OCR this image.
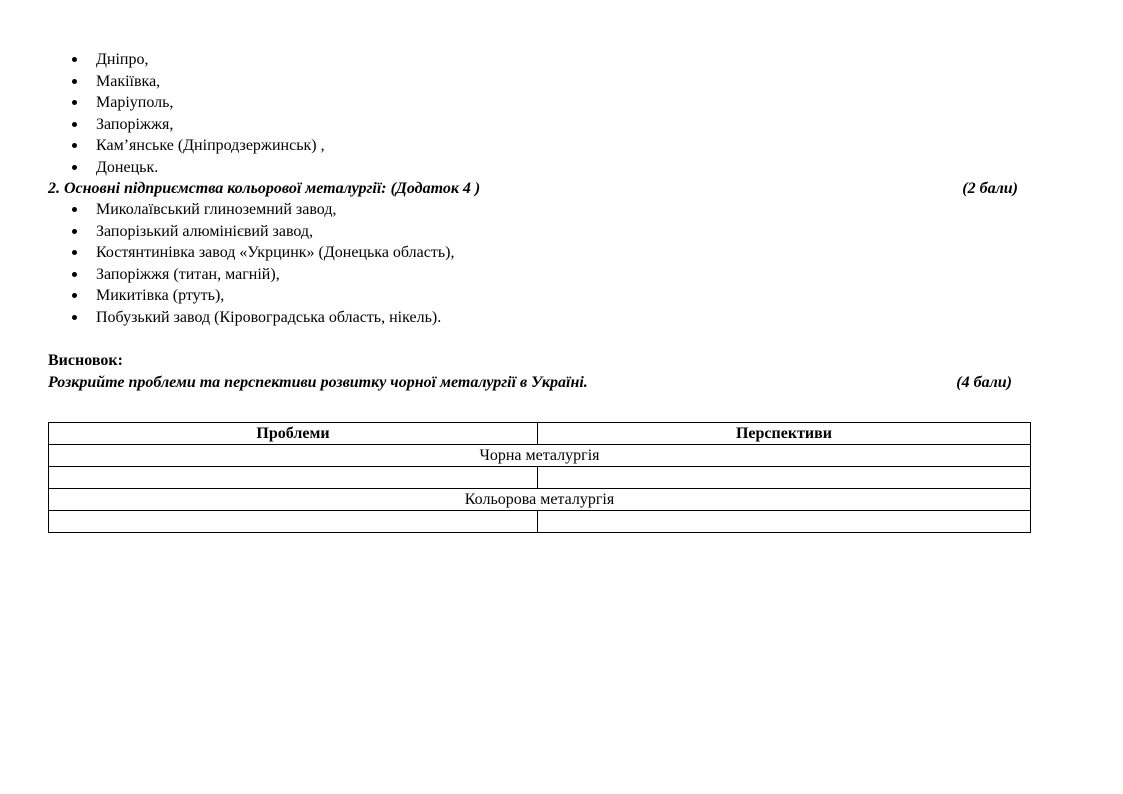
Дніпро,
Макіївка,
Маріуполь,
Запоріжжя,
Кам’янське (Дніпродзержинськ) ,
Донецьк.
2. Основні підприємства кольорової металургії: (Додаток 4 )	(2 бали)
Миколаївський глиноземний завод,
Запорізький алюмінієвий завод,
Костянтинівка завод «Укрцинк» (Донецька область),
Запоріжжя (титан, магній),
Микитівка (ртуть),
Побузький завод (Кіровоградська область, нікель).
Висновок:
Розкрийте проблеми та перспективи розвитку чорної металургії в Україні.	(4 бали)
Проблеми	Перспективи
Чорна металургія	

Кольорова металургія	
